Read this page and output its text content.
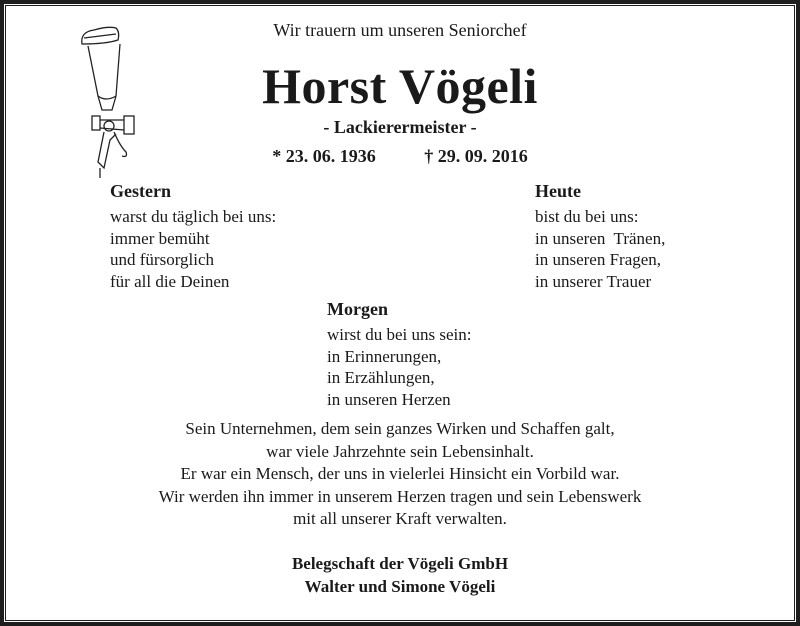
Wir trauern um unseren Seniorchef
Horst Vögeli
- Lackierermeister -
* 23. 06. 1936	† 29. 09. 2016
Gestern

warst du täglich bei uns:

immer bemüht

und fürsorglich

für all die Deinen

Morgen

wirst du bei uns sein:

in Erinnerungen,

in Erzählungen,

in unseren Herzen

Heute

bist du bei uns:

in unseren  Tränen,

in unseren Fragen,

in unserer Trauer

Sein Unternehmen, dem sein ganzes Wirken und Schaffen galt,
war viele Jahrzehnte sein Lebensinhalt.
Er war ein Mensch, der uns in vielerlei Hinsicht ein Vorbild war.
Wir werden ihn immer in unserem Herzen tragen und sein Lebenswerk
mit all unserer Kraft verwalten.
Belegschaft der Vögeli GmbH
Walter und Simone Vögeli
